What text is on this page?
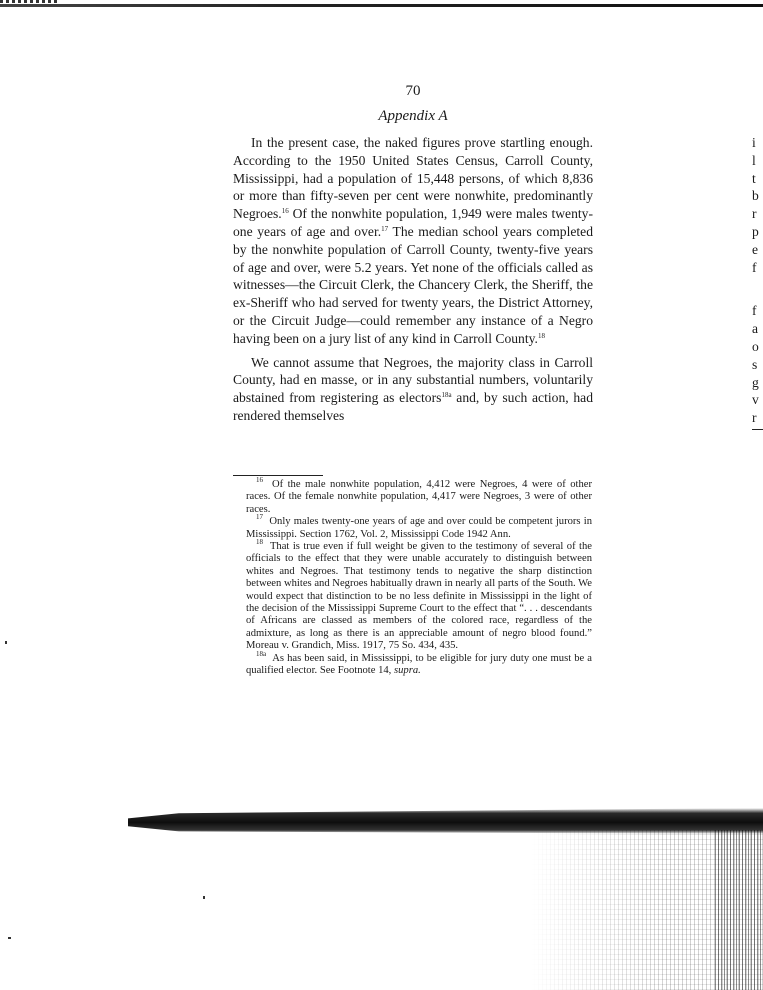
70
Appendix A

In the present case, the naked figures prove startling enough. According to the 1950 United States Census, Carroll County, Mississippi, had a population of 15,448 persons, of which 8,836 or more than fifty-seven per cent were nonwhite, predominantly Negroes.$^{16}$ Of the nonwhite population, 1,949 were males twenty-one years of age and over.$^{17}$ The median school years completed by the nonwhite population of Carroll County, twenty-five years of age and over, were 5.2 years. Yet none of the officials called as witnesses—the Circuit Clerk, the Chancery Clerk, the Sheriff, the ex-Sheriff who had served for twenty years, the District Attorney, or the Circuit Judge—could remember any instance of a Negro having been on a jury list of any kind in Carroll County.$^{18}$

We cannot assume that Negroes, the majority class in Carroll County, had en masse, or in any substantial numbers, voluntarily abstained from registering as electors$^{18a}$ and, by such action, had rendered themselves

$^{16}$ Of the male nonwhite population, 4,412 were Negroes, 4 were of other races. Of the female nonwhite population, 4,417 were Negroes, 3 were of other races.

$^{17}$ Only males twenty-one years of age and over could be competent jurors in Mississippi. Section 1762, Vol. 2, Mississippi Code 1942 Ann.

$^{18}$ That is true even if full weight be given to the testimony of several of the officials to the effect that they were unable accurately to distinguish between whites and Negroes. That testimony tends to negative the sharp distinction between whites and Negroes habitually drawn in nearly all parts of the South. We would expect that distinction to be no less definite in Mississippi in the light of the decision of the Mississippi Supreme Court to the effect that “. . . descendants of Africans are classed as members of the colored race, regardless of the admixture, as long as there is an appreciable amount of negro blood found.” Moreau v. Grandich, Miss. 1917, 75 So. 434, 435.

$^{18a}$ As has been said, in Mississippi, to be eligible for jury duty one must be a qualified elector. See Footnote 14, supra.

i
l
t
b
r
p
e
f
f
a
o
s
g
v
r
